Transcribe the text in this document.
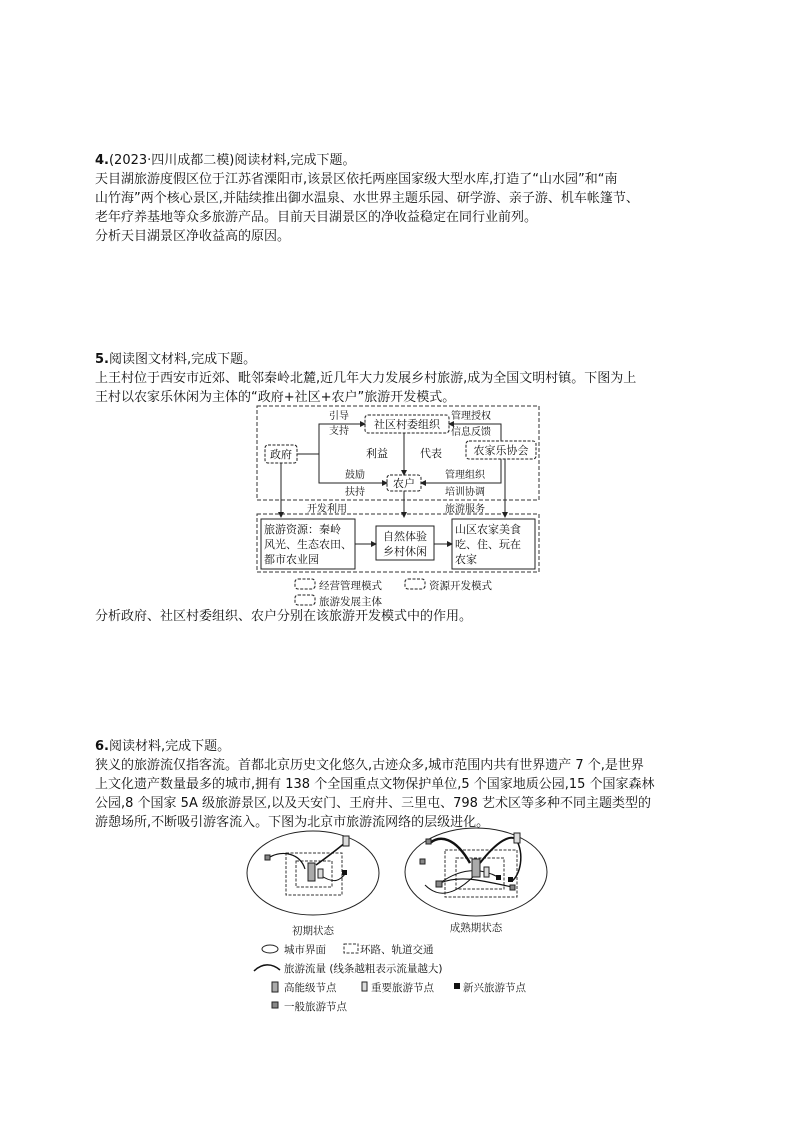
4.(2023·四川成都二模)阅读材料,完成下题。

天目湖旅游度假区位于江苏省溧阳市,该景区依托两座国家级大型水库,打造了“山水园”和“南

山竹海”两个核心景区,并陆续推出御水温泉、水世界主题乐园、研学游、亲子游、机车帐篷节、

老年疗养基地等众多旅游产品。目前天目湖景区的净收益稳定在同行业前列。

分析天目湖景区净收益高的原因。

5.阅读图文材料,完成下题。

上王村位于西安市近郊、毗邻秦岭北麓,近几年大力发展乡村旅游,成为全国文明村镇。下图为上

王村以农家乐休闲为主体的“政府+社区+农户”旅游开发模式。

社区村委组织
政府	农家乐协会
农户
引导
支持
鼓励
扶持
管理授权
信息反馈
利益	代表
管理组织
培训协调
开发利用	旅游服务
旅游资源：秦岭
风光、生态农田、
都市农业园
自然体验
乡村休闲
山区农家美食
吃、住、玩在
农家
经营管理模式	资源开发模式
旅游发展主体

分析政府、社区村委组织、农户分别在该旅游开发模式中的作用。

6.阅读材料,完成下题。

狭义的旅游流仅指客流。首都北京历史文化悠久,古迹众多,城市范围内共有世界遗产 7 个,是世界

上文化遗产数量最多的城市,拥有 138 个全国重点文物保护单位,5 个国家地质公园,15 个国家森林

公园,8 个国家 5A 级旅游景区,以及天安门、王府井、三里屯、798 艺术区等多种不同主题类型的

游憩场所,不断吸引游客流入。下图为北京市旅游流网络的层级进化。

初期状态	成熟期状态
城市界面	环路、轨道交通
旅游流量 (线条越粗表示流量越大)
高能级节点	重要旅游节点	新兴旅游节点
一般旅游节点
